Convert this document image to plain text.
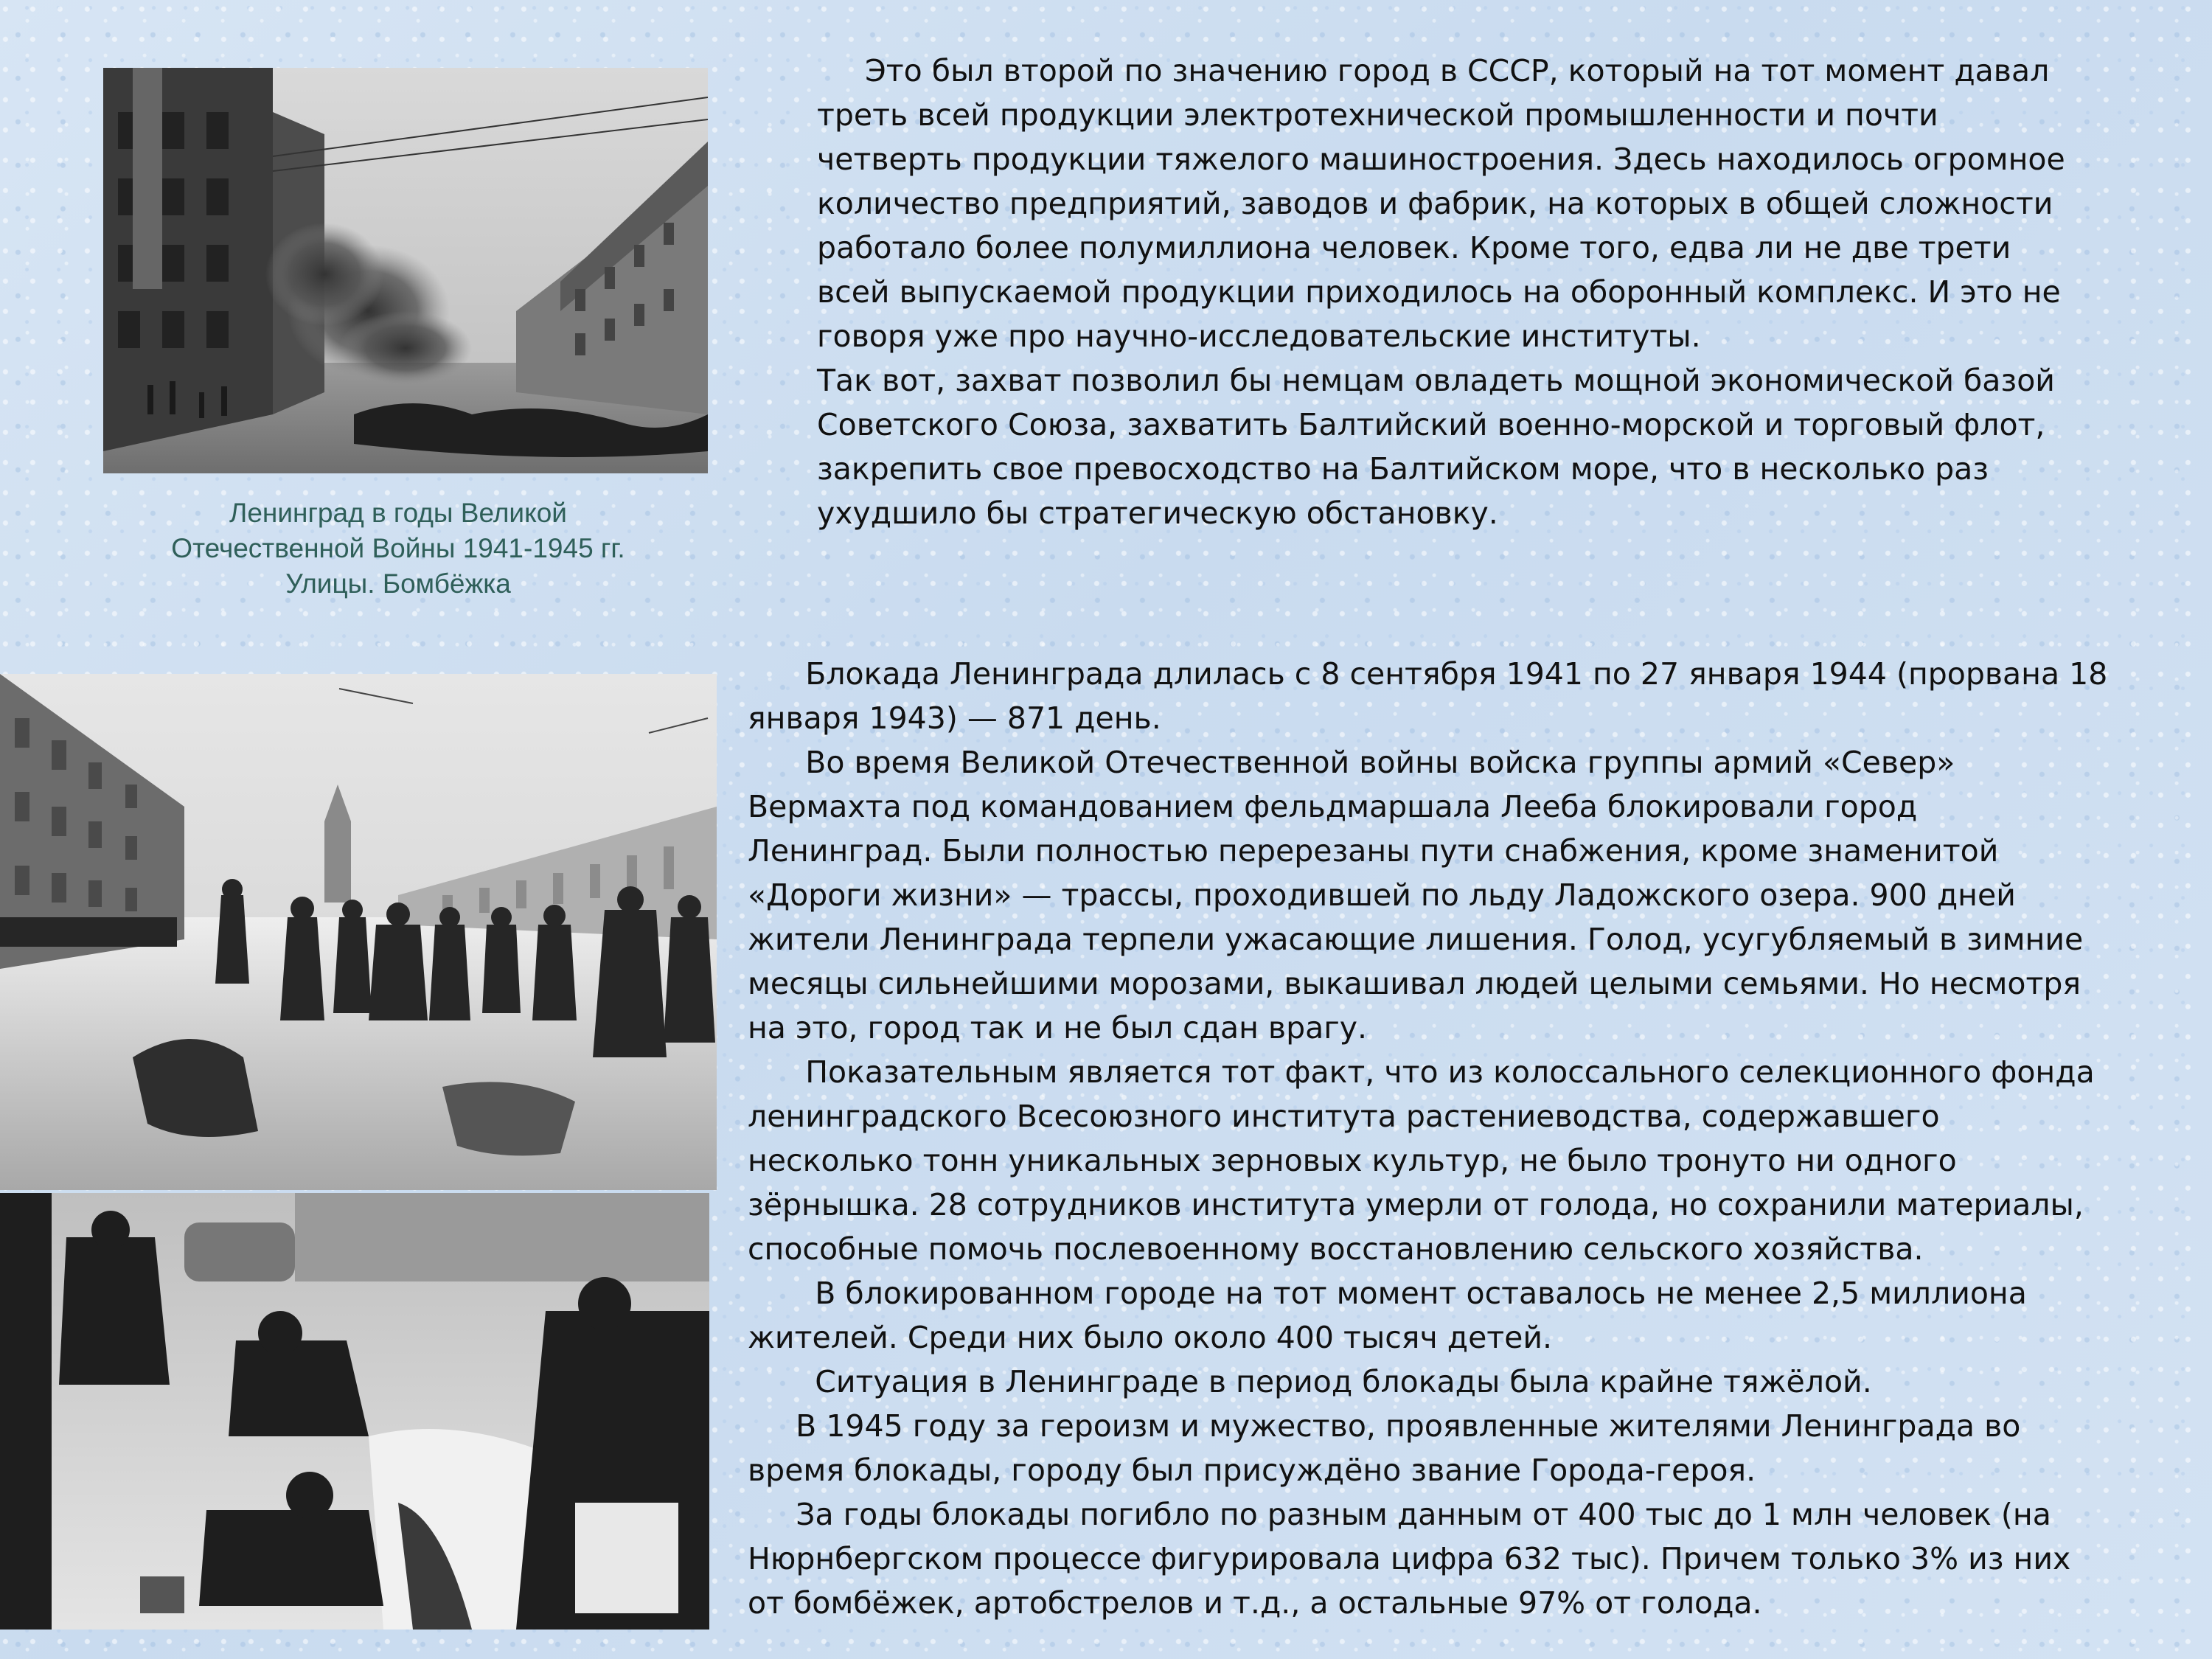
Ленинград в годы Великой
Отечественной Войны 1941-1945 гг.
Улицы. Бомбёжка
Это был второй по значению город в СССР, который на тот момент давал
треть всей продукции электротехнической промышленности и почти
четверть продукции тяжелого машиностроения. Здесь находилось огромное
количество предприятий, заводов и фабрик, на которых в общей сложности
работало более полумиллиона человек. Кроме того, едва ли не две трети
всей выпускаемой продукции приходилось на оборонный комплекс. И это не
говоря уже про научно-исследовательские институты.
Так вот, захват позволил бы немцам овладеть мощной экономической базой
Советского Союза, захватить Балтийский военно-морской и торговый флот,
закрепить свое превосходство на Балтийском море, что в несколько раз
ухудшило бы стратегическую обстановку.
Блокада Ленинграда длилась с 8 сентября 1941 по 27 января 1944 (прорвана 18
января 1943) — 871 день.
Во время Великой Отечественной войны войска группы армий «Север»
Вермахта под командованием фельдмаршала Лееба блокировали город
Ленинград. Были полностью перерезаны пути снабжения, кроме знаменитой
«Дороги жизни» — трассы, проходившей по льду Ладожского озера. 900 дней
жители Ленинграда терпели ужасающие лишения. Голод, усугубляемый в зимние
месяцы сильнейшими морозами, выкашивал людей целыми семьями. Но несмотря
на это, город так и не был сдан врагу.
Показательным является тот факт, что из колоссального селекционного фонда
ленинградского Всесоюзного института растениеводства, содержавшего
несколько тонн уникальных зерновых культур, не было тронуто ни одного
зёрнышка. 28 сотрудников института умерли от голода, но сохранили материалы,
способные помочь послевоенному восстановлению сельского хозяйства.
В блокированном городе на тот момент оставалось не менее 2,5 миллиона
жителей. Среди них было около 400 тысяч детей.
Ситуация в Ленинграде в период блокады была крайне тяжёлой.
В 1945 году за героизм и мужество, проявленные жителями Ленинграда во
время блокады, городу был присуждёно звание Города-героя.
За годы блокады погибло по разным данным от 400 тыс до 1 млн человек (на
Нюрнбергском процессе фигурировала цифра 632 тыс). Причем только 3% из них
от бомбёжек, артобстрелов и т.д., а остальные 97% от голода.
